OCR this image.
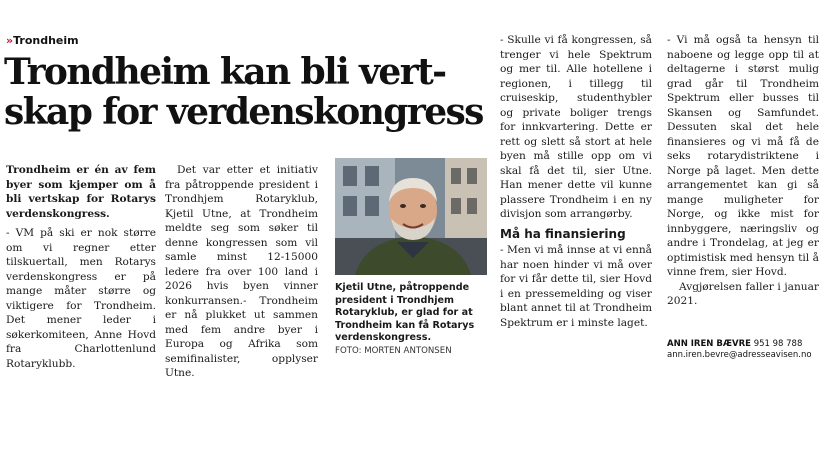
»Trondheim
Trondheim kan bli vertskap for verdenskongress

Trondheim er én av fem byer som kjemper om å bli vertskap for Rotarys verdenskongress.

- VM på ski er nok større om vi regner etter tilskuertall, men Rotarys verdenskongress er på mange måter større og viktigere for Trondheim. Det mener leder i søkerkomiteen, Anne Hovd fra Charlottenlund Rotaryklubb.

Det var etter et initiativ fra påtroppende president i Trondhjem Rotaryklub, Kjetil Utne, at Trondheim meldte seg som søker til denne kongressen som vil samle minst 12-15000 ledere fra over 100 land i 2026 hvis byen vinner konkurransen.- Trondheim er nå plukket ut sammen med fem andre byer i Europa og Afrika som semifinalister, opplyser Utne.

Kjetil Utne, påtroppende president i Trondhjem Rotaryklub, er glad for at Trondheim kan få Rotarys verdenskongress.
FOTO: MORTEN ANTONSEN

- Skulle vi få kongressen, så trenger vi hele Spektrum og mer til. Alle hotellene i regionen, i tillegg til cruiseskip, studenthybler og private boliger trengs for innkvartering. Dette er rett og slett så stort at hele byen må stille opp om vi skal få det til, sier Utne. Han mener dette vil kunne plassere Trondheim i en ny divisjon som arrangørby.

Må ha finansiering

- Men vi må innse at vi ennå har noen hinder vi må over for vi får dette til, sier Hovd i en pressemelding og viser blant annet til at Trondheim Spektrum er i minste laget.

- Vi må også ta hensyn til naboene og legge opp til at deltagerne i størst mulig grad går til Trondheim Spektrum eller busses til Skansen og Samfundet. Dessuten skal det hele finansieres og vi må få de seks rotarydistriktene i Norge på laget. Men dette arrangementet kan gi så mange muligheter for Norge, og ikke mist for innbyggere, næringsliv og andre i Trondelag, at jeg er optimistisk med hensyn til å vinne frem, sier Hovd.

Avgjørelsen faller i januar 2021.

ANN IREN BÆVRE 951 98 788
ann.iren.bevre@adresseavisen.no
